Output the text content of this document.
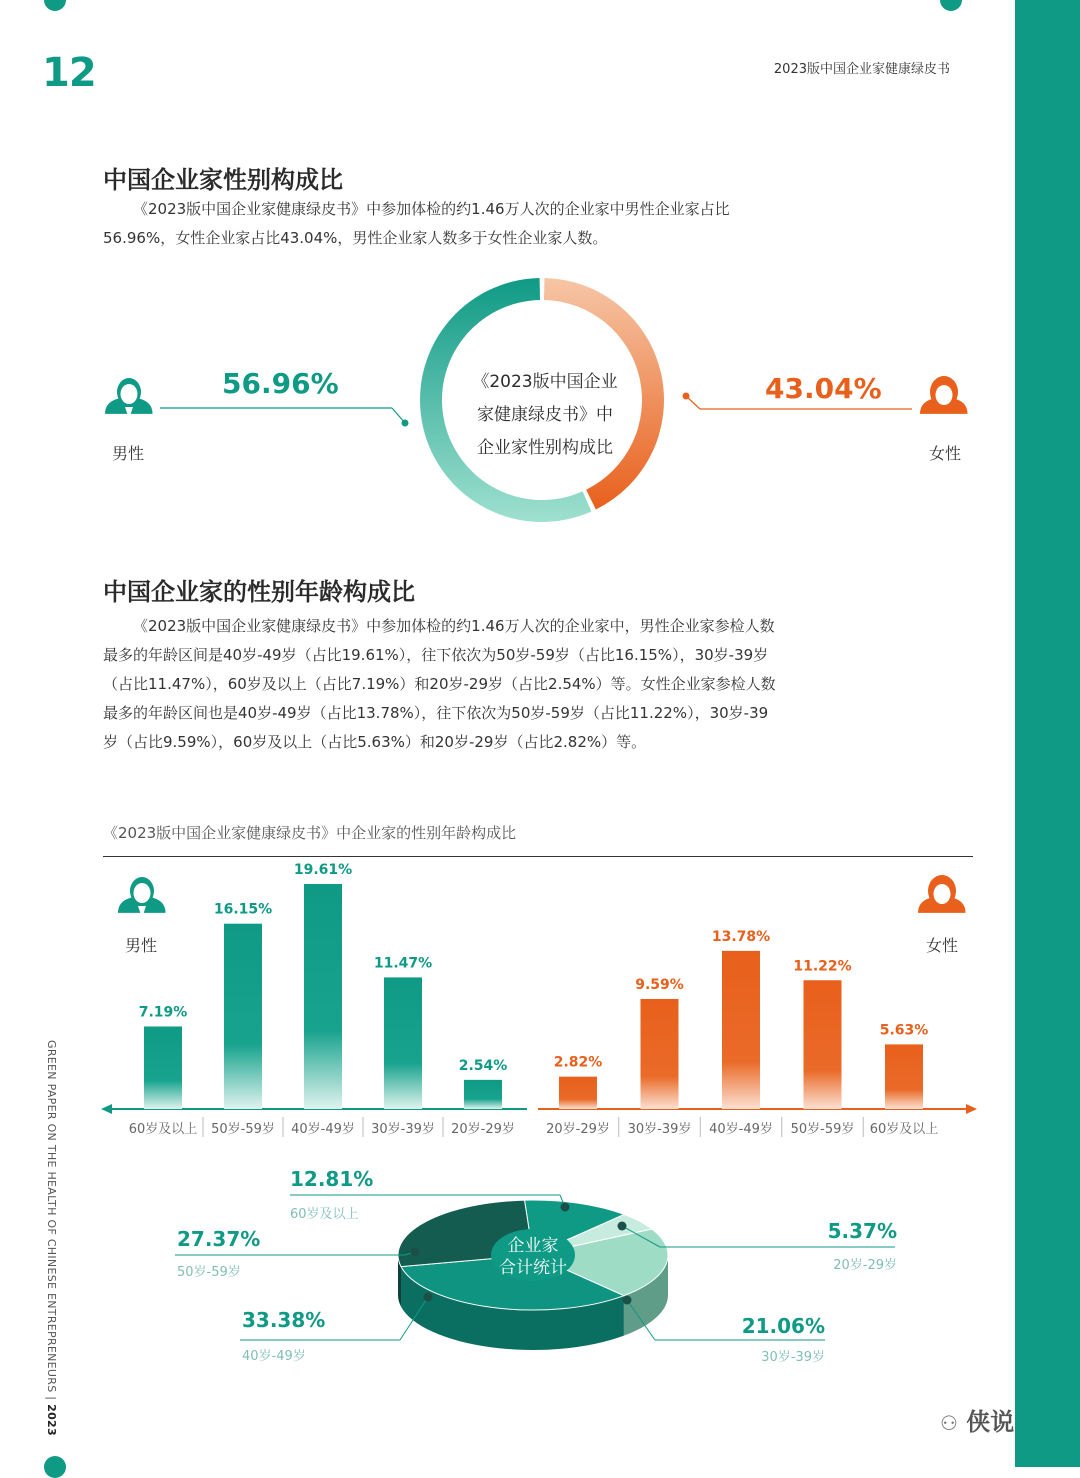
12	2023版中国企业家健康绿皮书
中国企业家性别构成比

《2023版中国企业家健康绿皮书》中参加体检的约1.46万人次的企业家中男性企业家占比56.96%，女性企业家占比43.04%，男性企业家人数多于女性企业家人数。

56.96%	43.04%
男性	女性
《2023版中国企业
家健康绿皮书》中
企业家性别构成比
中国企业家的性别年龄构成比

《2023版中国企业家健康绿皮书》中参加体检的约1.46万人次的企业家中，男性企业家参检人数最多的年龄区间是40岁-49岁（占比19.61%），往下依次为50岁-59岁（占比16.15%），30岁-39岁（占比11.47%），60岁及以上（占比7.19%）和20岁-29岁（占比2.54%）等。女性企业家参检人数最多的年龄区间也是40岁-49岁（占比13.78%），往下依次为50岁-59岁（占比11.22%），30岁-39岁（占比9.59%），60岁及以上（占比5.63%）和20岁-29岁（占比2.82%）等。

《2023版中国企业家健康绿皮书》中企业家的性别年龄构成比
7.19%
60岁及以上
16.15%
50岁-59岁
19.61%
40岁-49岁
11.47%
30岁-39岁
2.54%
20岁-29岁
2.82%
20岁-29岁
9.59%
30岁-39岁
13.78%
40岁-49岁
11.22%
50岁-59岁
5.63%
60岁及以上
男性	女性
企业家
合计统计
12.81%
60岁及以上
5.37%
20岁-29岁
21.06%
30岁-39岁
33.38%
40岁-49岁
27.37%
50岁-59岁
GREEN PAPER ON THE HEALTH OF CHINESE ENTREPRENEURS | 2023	⚇ 侠说
